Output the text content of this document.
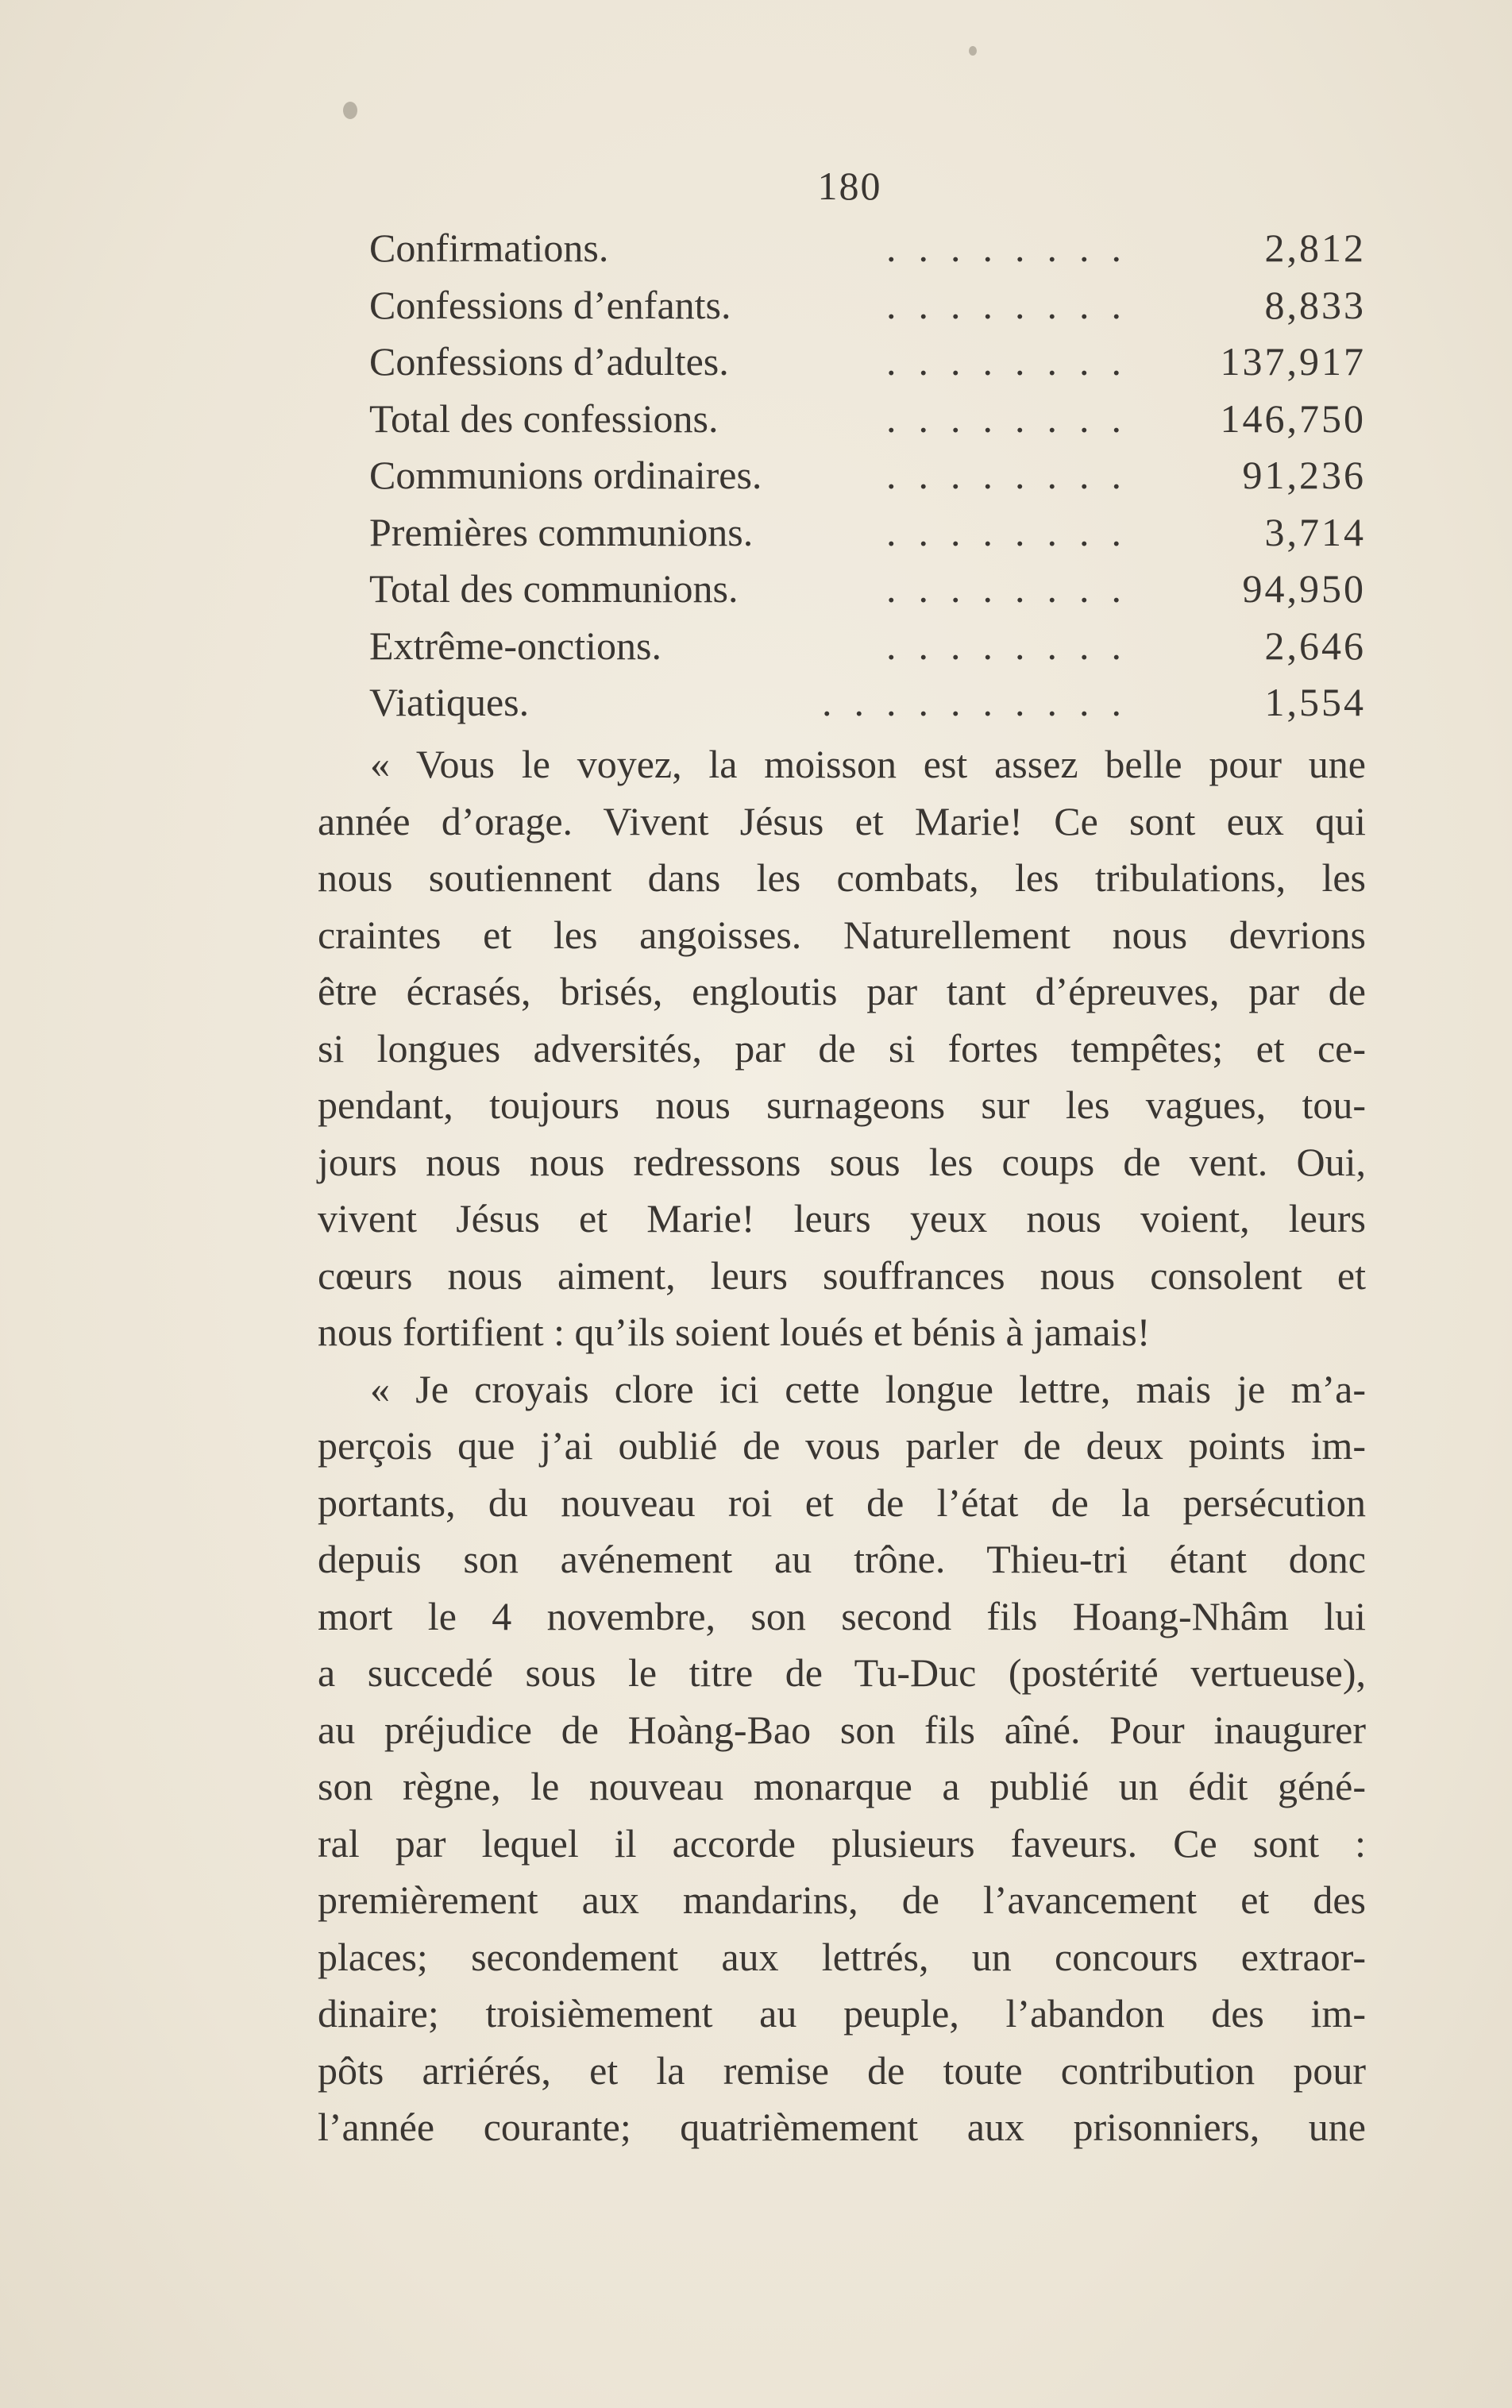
180
Confirmations.	........	2,812
Confessions d’enfants.	........	8,833
Confessions d’adultes.	........	137,917
Total des confessions.	........	146,750
Communions ordinaires.	........	91,236
Premières communions.	........	3,714
Total des communions.	........	94,950
Extrême-onctions.	........	2,646
Viatiques.	..........	1,554
« Vous le voyez, la moisson est assez belle pour une
année d’orage. Vivent Jésus et Marie! Ce sont eux qui
nous soutiennent dans les combats, les tribulations, les
craintes et les angoisses. Naturellement nous devrions
être écrasés, brisés, engloutis par tant d’épreuves, par de
si longues adversités, par de si fortes tempêtes; et ce-
pendant, toujours nous surnageons sur les vagues, tou-
jours nous nous redressons sous les coups de vent. Oui,
vivent Jésus et Marie! leurs yeux nous voient, leurs
cœurs nous aiment, leurs souffrances nous consolent et
nous fortifient : qu’ils soient loués et bénis à jamais!
« Je croyais clore ici cette longue lettre, mais je m’a-
perçois que j’ai oublié de vous parler de deux points im-
portants, du nouveau roi et de l’état de la persécution
depuis son avénement au trône. Thieu-tri étant donc
mort le 4 novembre, son second fils Hoang-Nhâm lui
a succedé sous le titre de Tu-Duc (postérité vertueuse),
au préjudice de Hoàng-Bao son fils aîné. Pour inaugurer
son règne, le nouveau monarque a publié un édit géné-
ral par lequel il accorde plusieurs faveurs. Ce sont :
premièrement aux mandarins, de l’avancement et des
places; secondement aux lettrés, un concours extraor-
dinaire; troisièmement au peuple, l’abandon des im-
pôts arriérés, et la remise de toute contribution pour
l’année courante; quatrièmement aux prisonniers, une
